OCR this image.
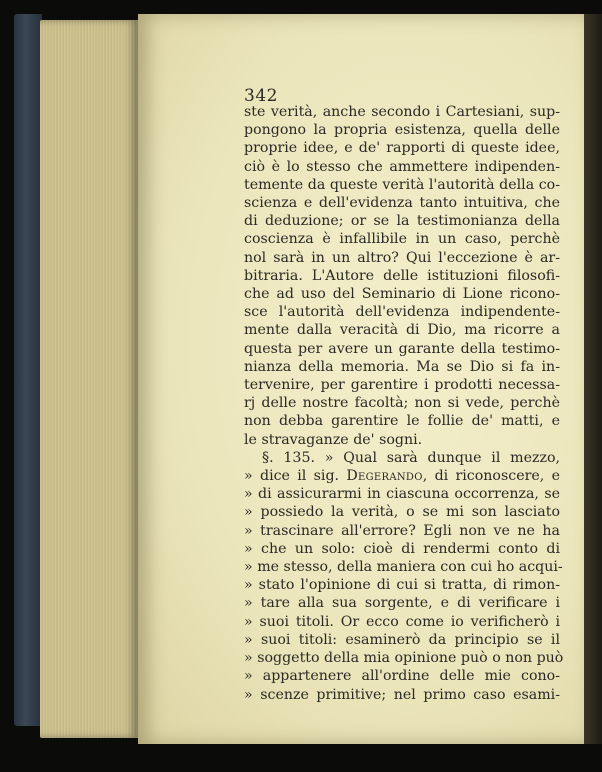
342
ste verità, anche secondo i Cartesiani, sup-
pongono la propria esistenza, quella delle
proprie idee, e de' rapporti di queste idee,
ciò è lo stesso che ammettere indipenden-
temente da queste verità l'autorità della co-
scienza e dell'evidenza tanto intuitiva, che
di deduzione; or se la testimonianza della
coscienza è infallibile in un caso, perchè
nol sarà in un altro? Qui l'eccezione è ar-
bitraria. L'Autore delle istituzioni filosofi-
che ad uso del Seminario di Lione ricono-
sce l'autorità dell'evidenza indipendente-
mente dalla veracità di Dio, ma ricorre a
questa per avere un garante della testimo-
nianza della memoria. Ma se Dio si fa in-
tervenire, per garentire i prodotti necessa-
rj delle nostre facoltà; non si vede, perchè
non debba garentire le follie de' matti, e
le stravaganze de' sogni.
§. 135. » Qual sarà dunque il mezzo,
» dice il sig. Degerando, di riconoscere, e
» di assicurarmi in ciascuna occorrenza, se
» possiedo la verità, o se mi son lasciato
» trascinare all'errore? Egli non ve ne ha
» che un solo: cioè di rendermi conto di
» me stesso, della maniera con cui ho acqui-
» stato l'opinione di cui si tratta, di rimon-
» tare alla sua sorgente, e di verificare i
» suoi titoli. Or ecco come io verificherò i
» suoi titoli: esaminerò da principio se il
» soggetto della mia opinione può o non può
» appartenere all'ordine delle mie cono-
» scenze primitive; nel primo caso esami-
